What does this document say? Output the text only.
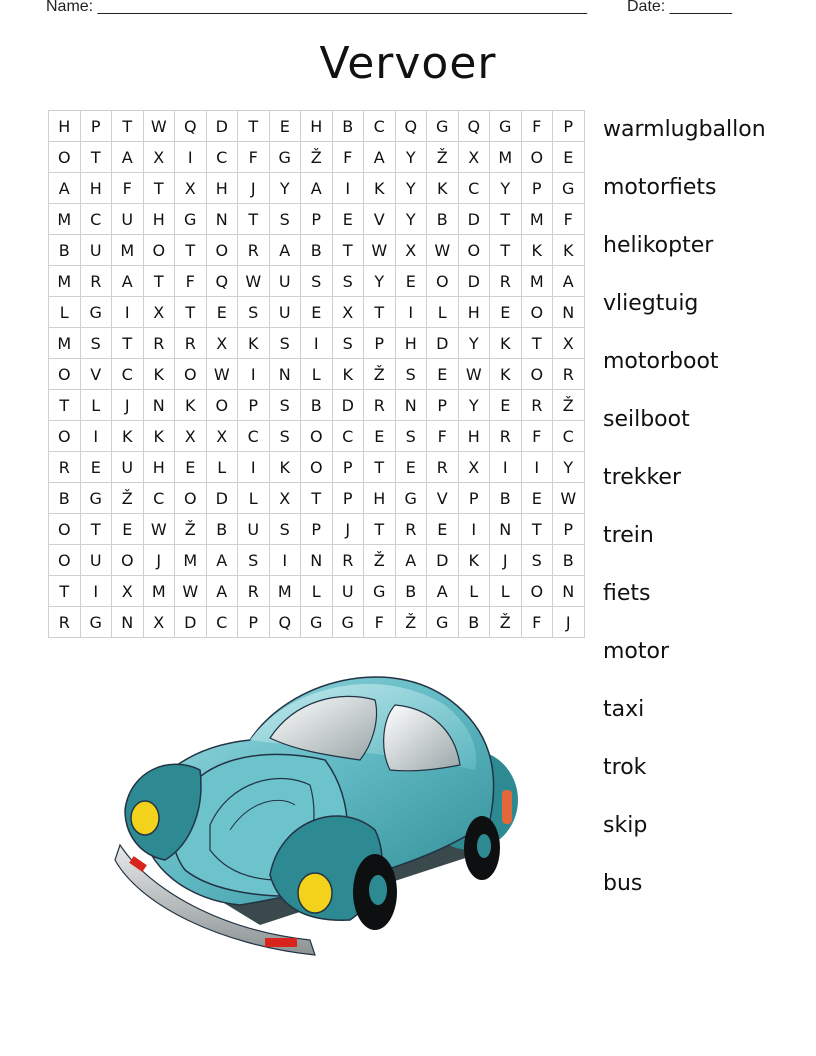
Name: _______________________________________________________	Date: _______
Vervoer
H	P	T	W	Q	D	T	E	H	B	C	Q	G	Q	G	F	P
O	T	A	X	I	C	F	G	Ž	F	A	Y	Ž	X	M	O	E
A	H	F	T	X	H	J	Y	A	I	K	Y	K	C	Y	P	G
M	C	U	H	G	N	T	S	P	E	V	Y	B	D	T	M	F
B	U	M	O	T	O	R	A	B	T	W	X	W	O	T	K	K
M	R	A	T	F	Q	W	U	S	S	Y	E	O	D	R	M	A
L	G	I	X	T	E	S	U	E	X	T	I	L	H	E	O	N
M	S	T	R	R	X	K	S	I	S	P	H	D	Y	K	T	X
O	V	C	K	O	W	I	N	L	K	Ž	S	E	W	K	O	R
T	L	J	N	K	O	P	S	B	D	R	N	P	Y	E	R	Ž
O	I	K	K	X	X	C	S	O	C	E	S	F	H	R	F	C
R	E	U	H	E	L	I	K	O	P	T	E	R	X	I	I	Y
B	G	Ž	C	O	D	L	X	T	P	H	G	V	P	B	E	W
O	T	E	W	Ž	B	U	S	P	J	T	R	E	I	N	T	P
O	U	O	J	M	A	S	I	N	R	Ž	A	D	K	J	S	B
T	I	X	M	W	A	R	M	L	U	G	B	A	L	L	O	N
R	G	N	X	D	C	P	Q	G	G	F	Ž	G	B	Ž	F	J
warmlugballon
motorfiets
helikopter
vliegtuig
motorboot
seilboot
trekker
trein
fiets
motor
taxi
trok
skip
bus
